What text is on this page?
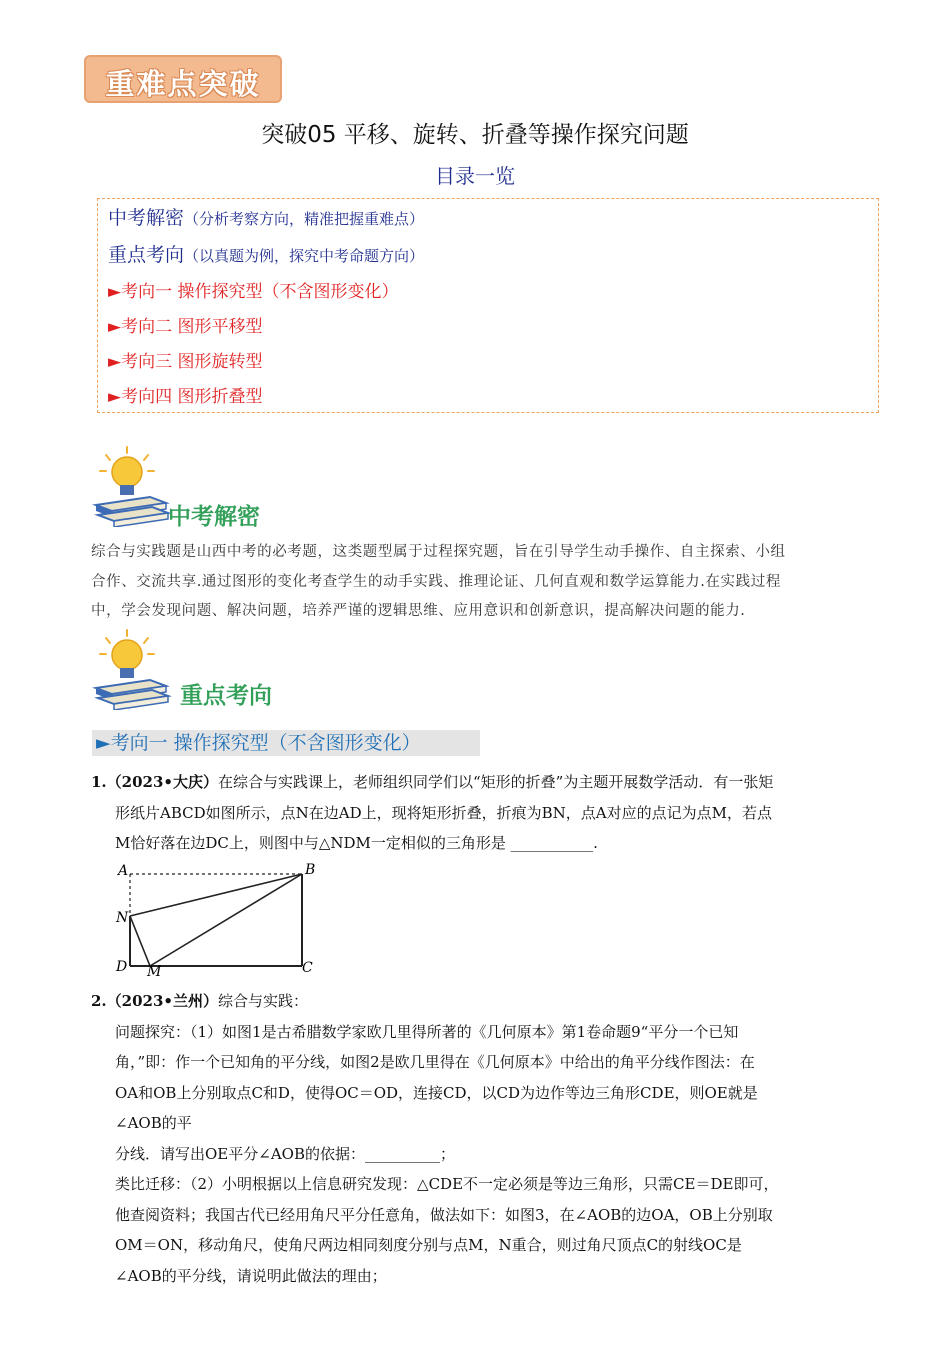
重难点突破
突破05 平移、旋转、折叠等操作探究问题
目录一览
中考解密（分析考察方向，精准把握重难点）
重点考向（以真题为例，探究中考命题方向）
►考向一 操作探究型（不含图形变化）
►考向二 图形平移型
►考向三 图形旋转型
►考向四 图形折叠型
中考解密
综合与实践题是山西中考的必考题，这类题型属于过程探究题，旨在引导学生动手操作、自主探索、小组
合作、交流共享.通过图形的变化考查学生的动手实践、推理论证、几何直观和数学运算能力.在实践过程
中，学会发现问题、解决问题，培养严谨的逻辑思维、应用意识和创新意识，提高解决问题的能力.
重点考向
►考向一 操作探究型（不含图形变化）
1.（2023•大庆）在综合与实践课上，老师组织同学们以“矩形的折叠”为主题开展数学活动．有一张矩
形纸片ABCD如图所示，点N在边AD上，现将矩形折叠，折痕为BN，点A对应的点记为点M，若点
M恰好落在边DC上，则图中与△NDM一定相似的三角形是 ___________.
A	B
N
D M	C
2.（2023•兰州）综合与实践：
问题探究：（1）如图1是古希腊数学家欧几里得所著的《几何原本》第1卷命题9“平分一个已知
角，”即：作一个已知角的平分线，如图2是欧几里得在《几何原本》中给出的角平分线作图法：在
OA和OB上分别取点C和D，使得OC＝OD，连接CD，以CD为边作等边三角形CDE，则OE就是
∠AOB的平
分线．请写出OE平分∠AOB的依据：__________；
类比迁移：（2）小明根据以上信息研究发现：△CDE不一定必须是等边三角形，只需CE＝DE即可，
他查阅资料；我国古代已经用角尺平分任意角，做法如下：如图3，在∠AOB的边OA，OB上分别取
OM＝ON，移动角尺，使角尺两边相同刻度分别与点M，N重合，则过角尺顶点C的射线OC是
∠AOB的平分线，请说明此做法的理由；
